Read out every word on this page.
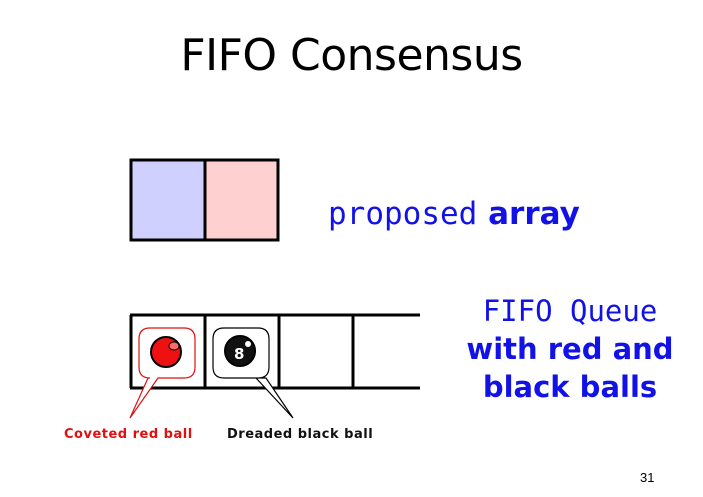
FIFO Consensus
8
proposed array
FIFO Queue
with red and
black balls
Coveted red ball	Dreaded black ball
31
